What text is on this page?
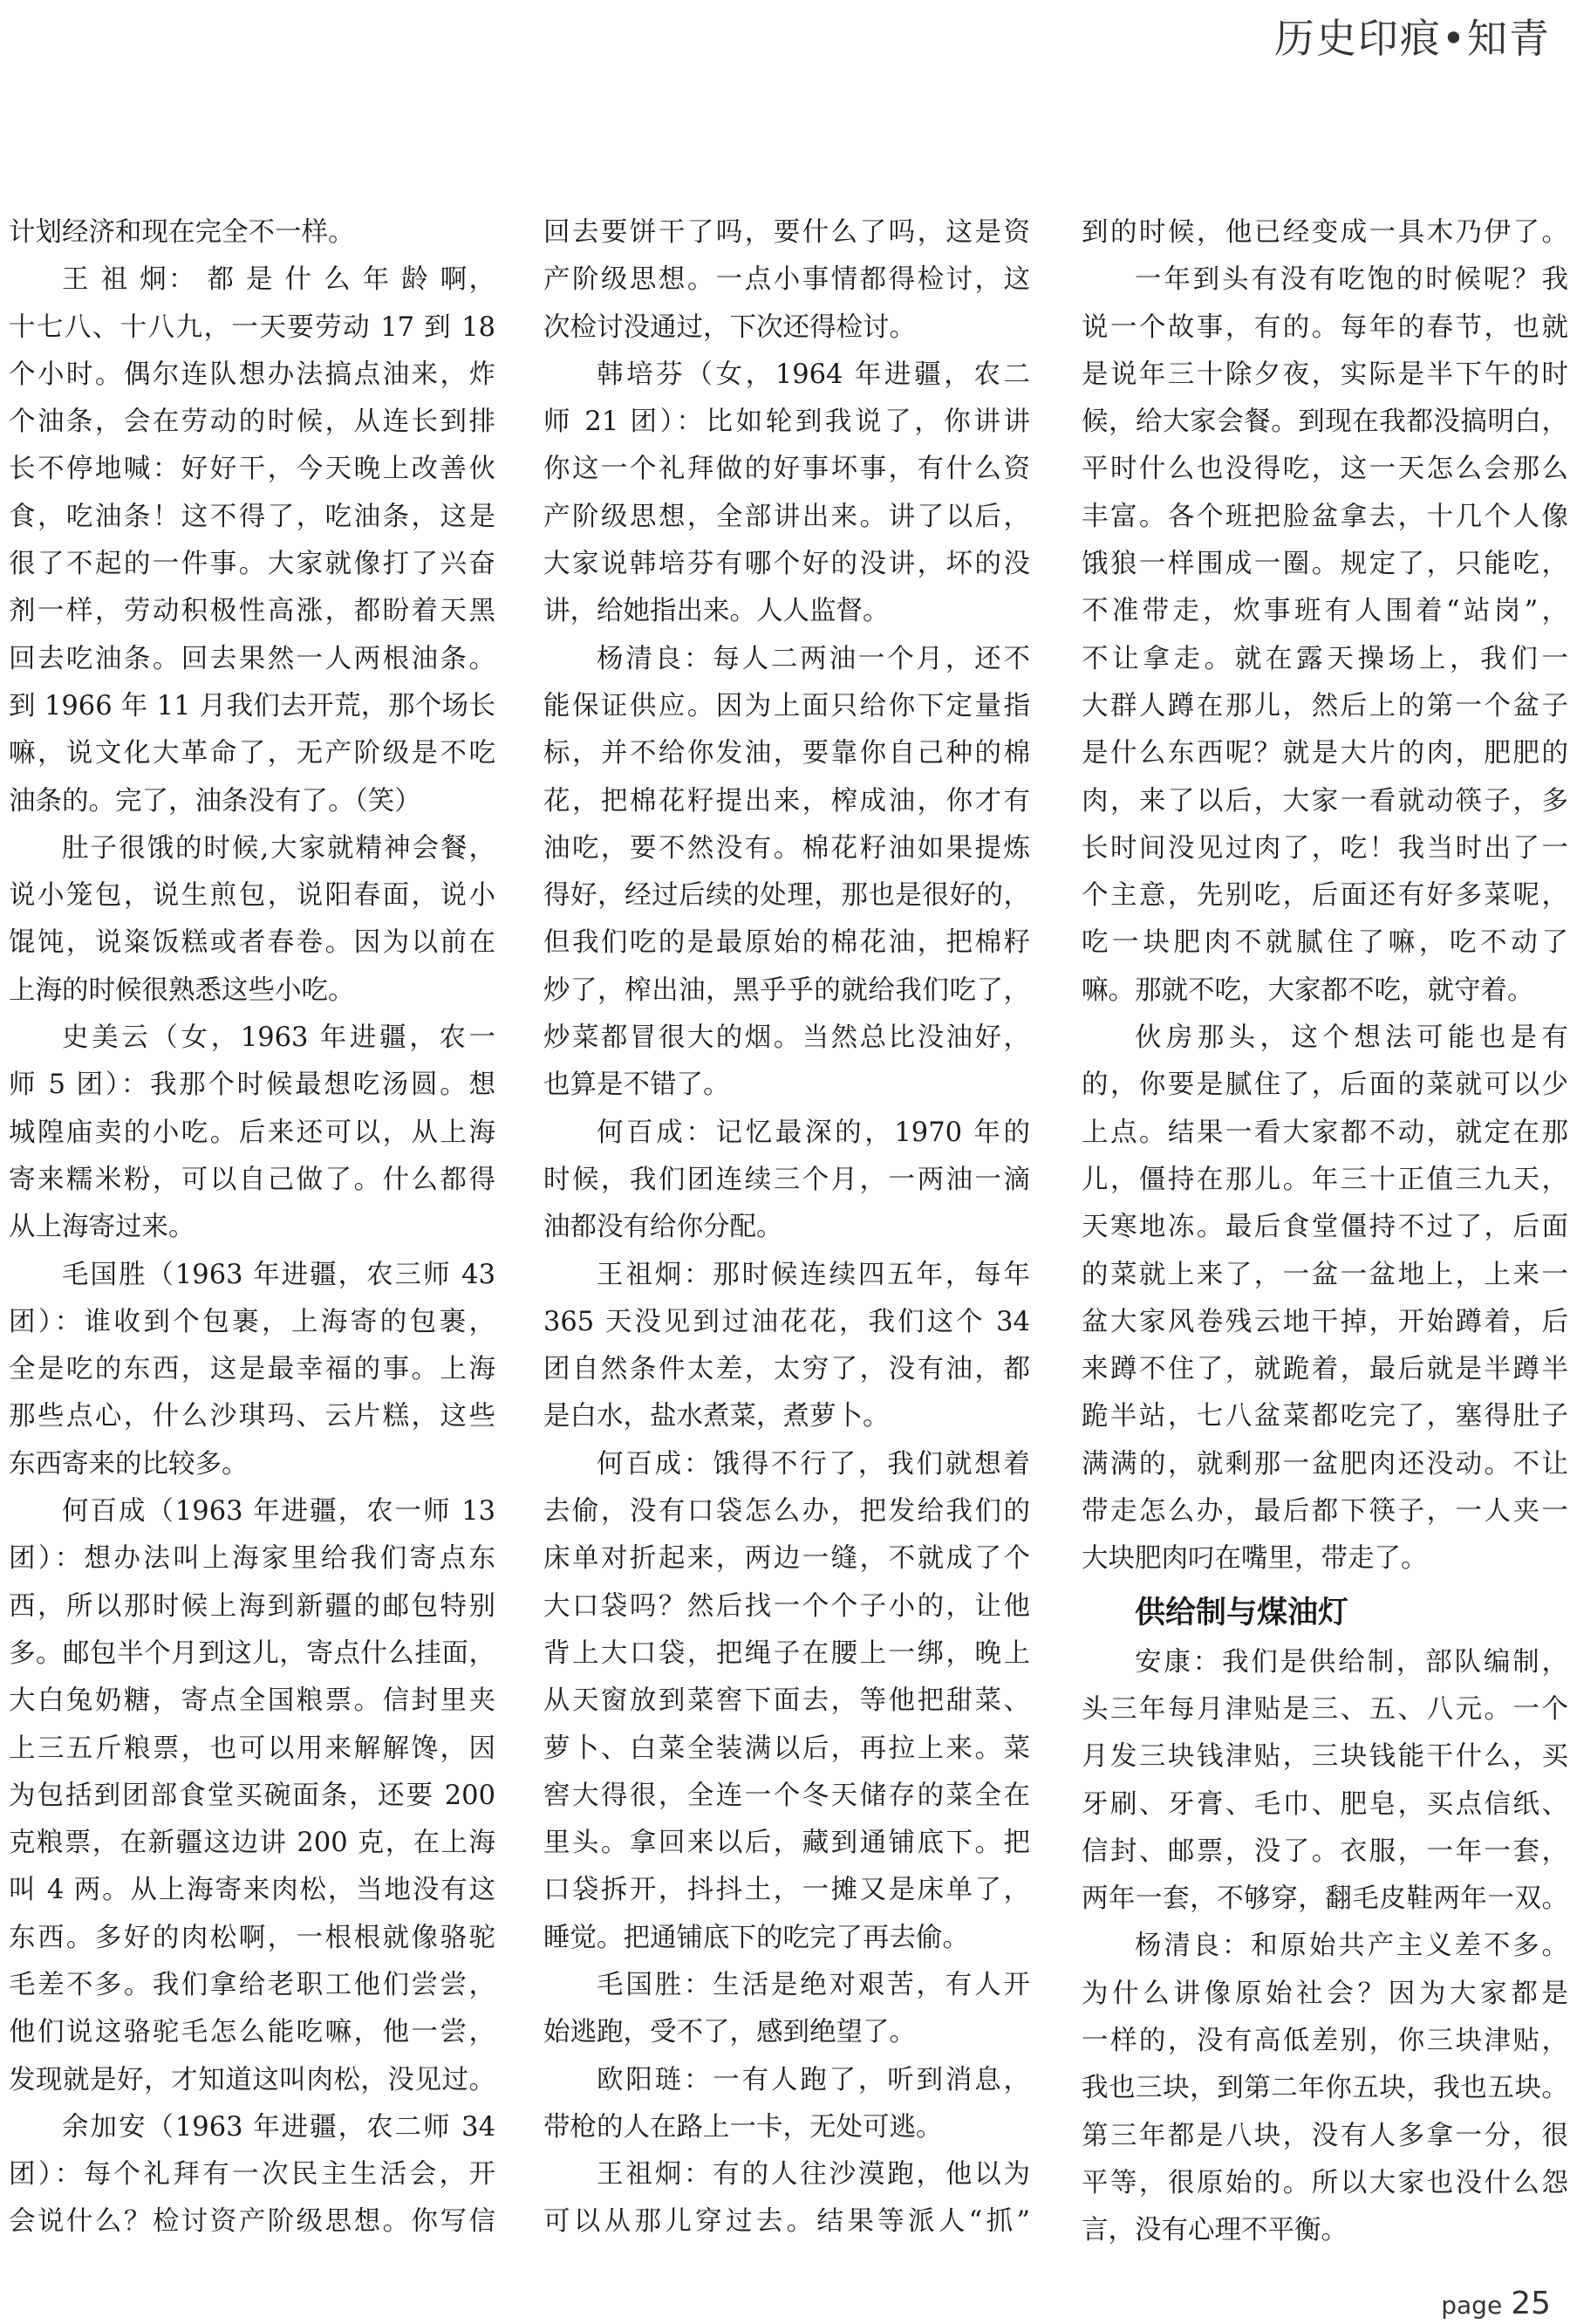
历史印痕•知青
计划经济和现在完全不一样。
王 祖 炯： 都 是 什 么 年 龄 啊，
十七八、十八九，一天要劳动 17 到 18
个小时。偶尔连队想办法搞点油来，炸
个油条，会在劳动的时候，从连长到排
长不停地喊：好好干，今天晚上改善伙
食，吃油条！这不得了，吃油条，这是
很了不起的一件事。大家就像打了兴奋
剂一样，劳动积极性高涨，都盼着天黑
回去吃油条。回去果然一人两根油条。
到 1966 年 11 月我们去开荒，那个场长
嘛，说文化大革命了，无产阶级是不吃
油条的。完了，油条没有了。（笑）
肚子很饿的时候,大家就精神会餐，
说小笼包，说生煎包，说阳春面，说小
馄饨，说粢饭糕或者春卷。因为以前在
上海的时候很熟悉这些小吃。
史美云（女，1963 年进疆，农一
师 5 团）：我那个时候最想吃汤圆。想
城隍庙卖的小吃。后来还可以，从上海
寄来糯米粉，可以自己做了。什么都得
从上海寄过来。
毛国胜（1963 年进疆，农三师 43
团）：谁收到个包裹，上海寄的包裹，
全是吃的东西，这是最幸福的事。上海
那些点心，什么沙琪玛、云片糕，这些
东西寄来的比较多。
何百成（1963 年进疆，农一师 13
团）：想办法叫上海家里给我们寄点东
西，所以那时候上海到新疆的邮包特别
多。邮包半个月到这儿，寄点什么挂面，
大白兔奶糖，寄点全国粮票。信封里夹
上三五斤粮票，也可以用来解解馋，因
为包括到团部食堂买碗面条，还要 200
克粮票，在新疆这边讲 200 克，在上海
叫 4 两。从上海寄来肉松，当地没有这
东西。多好的肉松啊，一根根就像骆驼
毛差不多。我们拿给老职工他们尝尝，
他们说这骆驼毛怎么能吃嘛，他一尝，
发现就是好，才知道这叫肉松，没见过。
余加安（1963 年进疆，农二师 34
团）：每个礼拜有一次民主生活会，开
会说什么？检讨资产阶级思想。你写信
回去要饼干了吗，要什么了吗，这是资
产阶级思想。一点小事情都得检讨，这
次检讨没通过，下次还得检讨。
韩培芬（女，1964 年进疆，农二
师 21 团）：比如轮到我说了，你讲讲
你这一个礼拜做的好事坏事，有什么资
产阶级思想，全部讲出来。讲了以后，
大家说韩培芬有哪个好的没讲，坏的没
讲，给她指出来。人人监督。
杨清良：每人二两油一个月，还不
能保证供应。因为上面只给你下定量指
标，并不给你发油，要靠你自己种的棉
花，把棉花籽提出来，榨成油，你才有
油吃，要不然没有。棉花籽油如果提炼
得好，经过后续的处理，那也是很好的，
但我们吃的是最原始的棉花油，把棉籽
炒了，榨出油，黑乎乎的就给我们吃了，
炒菜都冒很大的烟。当然总比没油好，
也算是不错了。
何百成：记忆最深的，1970 年的
时候，我们团连续三个月，一两油一滴
油都没有给你分配。
王祖炯：那时候连续四五年，每年
365 天没见到过油花花，我们这个 34
团自然条件太差，太穷了，没有油，都
是白水，盐水煮菜，煮萝卜。
何百成：饿得不行了，我们就想着
去偷，没有口袋怎么办，把发给我们的
床单对折起来，两边一缝，不就成了个
大口袋吗？然后找一个个子小的，让他
背上大口袋，把绳子在腰上一绑，晚上
从天窗放到菜窖下面去，等他把甜菜、
萝卜、白菜全装满以后，再拉上来。菜
窖大得很，全连一个冬天储存的菜全在
里头。拿回来以后，藏到通铺底下。把
口袋拆开，抖抖土，一摊又是床单了，
睡觉。把通铺底下的吃完了再去偷。
毛国胜：生活是绝对艰苦，有人开
始逃跑，受不了，感到绝望了。
欧阳琏：一有人跑了，听到消息，
带枪的人在路上一卡，无处可逃。
王祖炯：有的人往沙漠跑，他以为
可以从那儿穿过去。结果等派人“抓”
到的时候，他已经变成一具木乃伊了。
一年到头有没有吃饱的时候呢？我
说一个故事，有的。每年的春节，也就
是说年三十除夕夜，实际是半下午的时
候，给大家会餐。到现在我都没搞明白，
平时什么也没得吃，这一天怎么会那么
丰富。各个班把脸盆拿去，十几个人像
饿狼一样围成一圈。规定了，只能吃，
不准带走，炊事班有人围着“站岗”，
不让拿走。就在露天操场上，我们一
大群人蹲在那儿，然后上的第一个盆子
是什么东西呢？就是大片的肉，肥肥的
肉，来了以后，大家一看就动筷子，多
长时间没见过肉了，吃！我当时出了一
个主意，先别吃，后面还有好多菜呢，
吃一块肥肉不就腻住了嘛，吃不动了
嘛。那就不吃，大家都不吃，就守着。
伙房那头，这个想法可能也是有
的，你要是腻住了，后面的菜就可以少
上点。结果一看大家都不动，就定在那
儿，僵持在那儿。年三十正值三九天，
天寒地冻。最后食堂僵持不过了，后面
的菜就上来了，一盆一盆地上，上来一
盆大家风卷残云地干掉，开始蹲着，后
来蹲不住了，就跪着，最后就是半蹲半
跪半站，七八盆菜都吃完了，塞得肚子
满满的，就剩那一盆肥肉还没动。不让
带走怎么办，最后都下筷子，一人夹一
大块肥肉叼在嘴里，带走了。
供给制与煤油灯
安康：我们是供给制，部队编制，
头三年每月津贴是三、五、八元。一个
月发三块钱津贴，三块钱能干什么，买
牙刷、牙膏、毛巾、肥皂，买点信纸、
信封、邮票，没了。衣服，一年一套，
两年一套，不够穿，翻毛皮鞋两年一双。
杨清良：和原始共产主义差不多。
为什么讲像原始社会？因为大家都是
一样的，没有高低差别，你三块津贴，
我也三块，到第二年你五块，我也五块。
第三年都是八块，没有人多拿一分，很
平等，很原始的。所以大家也没什么怨
言，没有心理不平衡。
page 25
